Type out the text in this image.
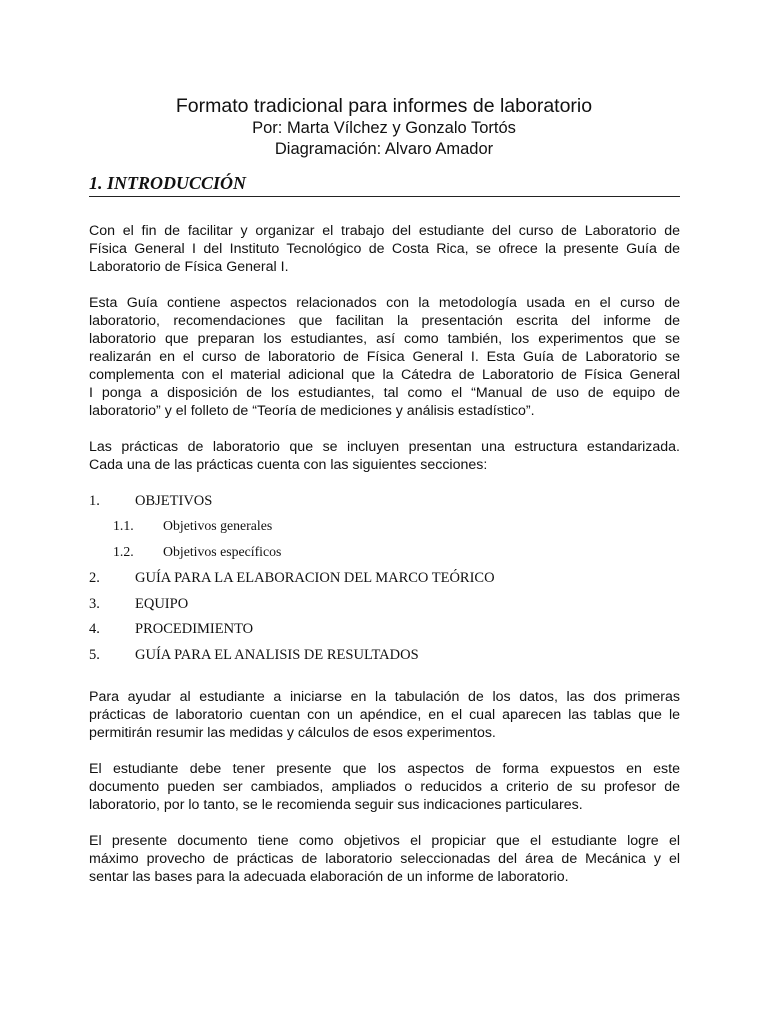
Formato tradicional para informes de laboratorio

Por: Marta Vílchez y Gonzalo Tortós

Diagramación: Alvaro Amador

1. INTRODUCCIÓN

Con el fin de facilitar y organizar el trabajo del estudiante del curso de Laboratorio de
Física General I del Instituto Tecnológico de Costa Rica, se ofrece la presente Guía de
Laboratorio de Física General I.

Esta Guía contiene aspectos relacionados con la metodología usada en el curso de
laboratorio, recomendaciones que facilitan la presentación escrita del informe de
laboratorio que preparan los estudiantes, así como también, los experimentos que se
realizarán en el curso de laboratorio de Física General I. Esta Guía de Laboratorio se
complementa con el material adicional que la Cátedra de Laboratorio de Física General
I ponga a disposición de los estudiantes, tal como el “Manual de uso de equipo de
laboratorio” y el folleto de “Teoría de mediciones y análisis estadístico”.

Las prácticas de laboratorio que se incluyen presentan una estructura estandarizada.
Cada una de las prácticas cuenta con las siguientes secciones:

1. OBJETIVOS
1.1. Objetivos generales
1.2. Objetivos específicos
2. GUÍA PARA LA ELABORACION DEL MARCO TEÓRICO
3. EQUIPO
4. PROCEDIMIENTO
5. GUÍA PARA EL ANALISIS DE RESULTADOS

Para ayudar al estudiante a iniciarse en la tabulación de los datos, las dos primeras
prácticas de laboratorio cuentan con un apéndice, en el cual aparecen las tablas que le
permitirán resumir las medidas y cálculos de esos experimentos.

El estudiante debe tener presente que los aspectos de forma expuestos en este
documento pueden ser cambiados, ampliados o reducidos a criterio de su profesor de
laboratorio, por lo tanto, se le recomienda seguir sus indicaciones particulares.

El presente documento tiene como objetivos el propiciar que el estudiante logre el
máximo provecho de prácticas de laboratorio seleccionadas del área de Mecánica y el
sentar las bases para la adecuada elaboración de un informe de laboratorio.
